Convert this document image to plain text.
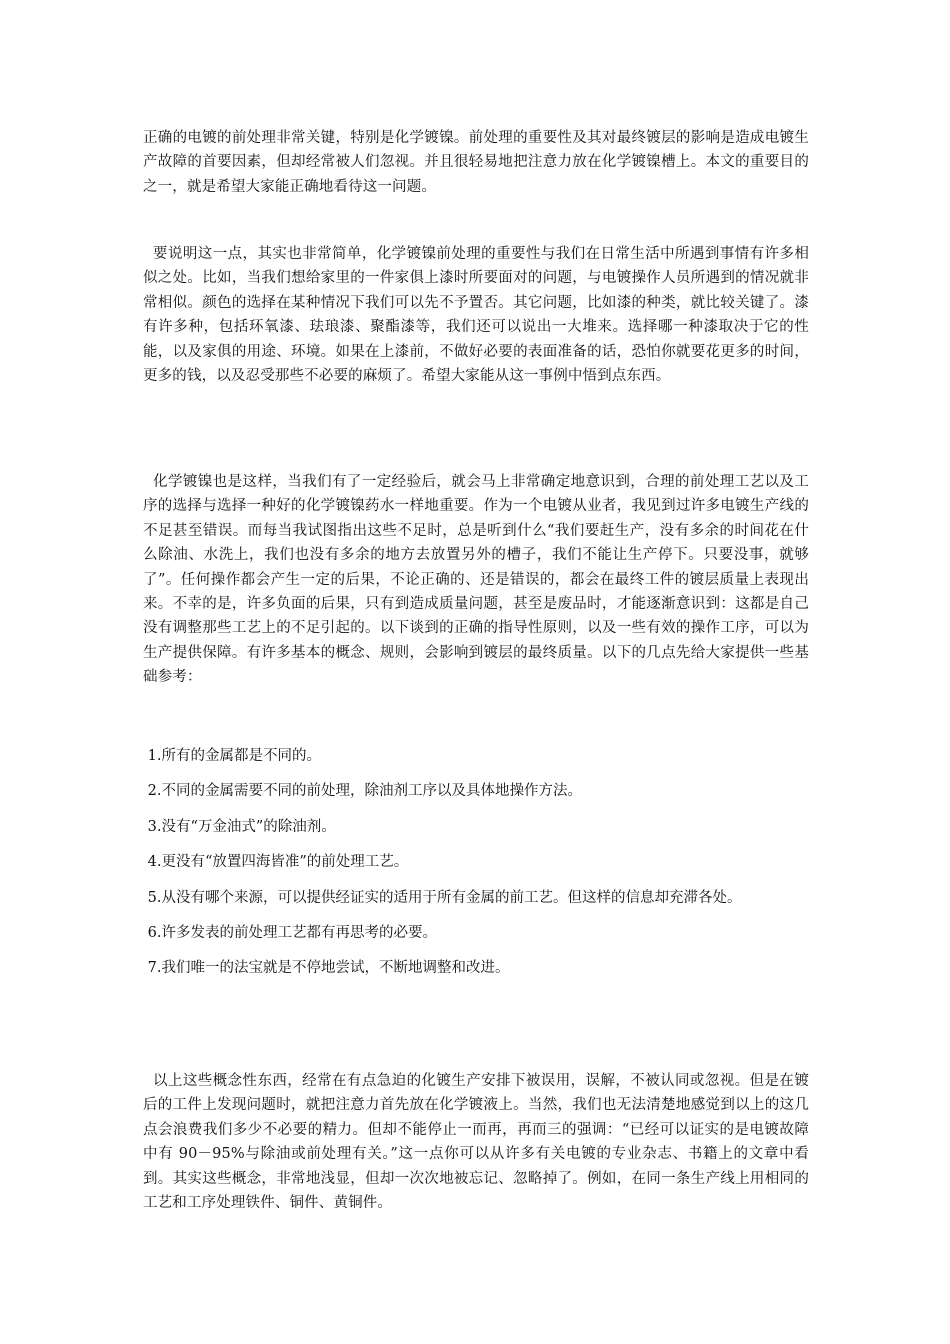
正确的电镀的前处理非常关键，特别是化学镀镍。前处理的重要性及其对最终镀层的影响是造成电镀生产故障的首要因素，但却经常被人们忽视。并且很轻易地把注意力放在化学镀镍槽上。本文的重要目的之一，就是希望大家能正确地看待这一问题。

要说明这一点，其实也非常简单，化学镀镍前处理的重要性与我们在日常生活中所遇到事情有许多相似之处。比如，当我们想给家里的一件家俱上漆时所要面对的问题，与电镀操作人员所遇到的情况就非常相似。颜色的选择在某种情况下我们可以先不予置否。其它问题，比如漆的种类，就比较关键了。漆有许多种，包括环氧漆、珐琅漆、聚酯漆等，我们还可以说出一大堆来。选择哪一种漆取决于它的性能，以及家俱的用途、环境。如果在上漆前，不做好必要的表面准备的话，恐怕你就要花更多的时间，更多的钱，以及忍受那些不必要的麻烦了。希望大家能从这一事例中悟到点东西。

化学镀镍也是这样，当我们有了一定经验后，就会马上非常确定地意识到，合理的前处理工艺以及工序的选择与选择一种好的化学镀镍药水一样地重要。作为一个电镀从业者，我见到过许多电镀生产线的不足甚至错误。而每当我试图指出这些不足时，总是听到什么“我们要赶生产，没有多余的时间花在什么除油、水洗上，我们也没有多余的地方去放置另外的槽子，我们不能让生产停下。只要没事，就够了”。任何操作都会产生一定的后果，不论正确的、还是错误的，都会在最终工件的镀层质量上表现出来。不幸的是，许多负面的后果，只有到造成质量问题，甚至是废品时，才能逐渐意识到：这都是自己没有调整那些工艺上的不足引起的。以下谈到的正确的指导性原则，以及一些有效的操作工序，可以为生产提供保障。有许多基本的概念、规则，会影响到镀层的最终质量。以下的几点先给大家提供一些基础参考：

1.所有的金属都是不同的。
2.不同的金属需要不同的前处理，除油剂工序以及具体地操作方法。
3.没有“万金油式”的除油剂。
4.更没有“放置四海皆准”的前处理工艺。
5.从没有哪个来源，可以提供经证实的适用于所有金属的前工艺。但这样的信息却充滞各处。
6.许多发表的前处理工艺都有再思考的必要。
7.我们唯一的法宝就是不停地尝试，不断地调整和改进。

以上这些概念性东西，经常在有点急迫的化镀生产安排下被误用，误解，不被认同或忽视。但是在镀后的工件上发现问题时，就把注意力首先放在化学镀液上。当然，我们也无法清楚地感觉到以上的这几点会浪费我们多少不必要的精力。但却不能停止一而再，再而三的强调：“已经可以证实的是电镀故障中有 90－95%与除油或前处理有关。”这一点你可以从许多有关电镀的专业杂志、书籍上的文章中看到。其实这些概念，非常地浅显，但却一次次地被忘记、忽略掉了。例如，在同一条生产线上用相同的工艺和工序处理铁件、铜件、黄铜件。
